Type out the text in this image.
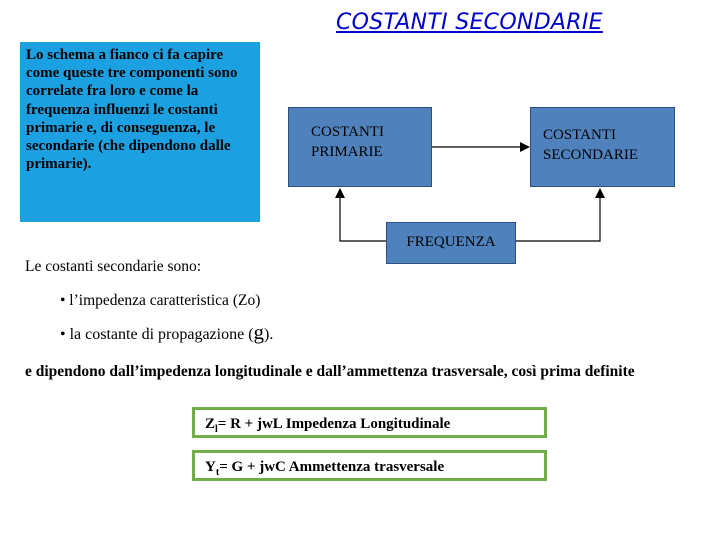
COSTANTI SECONDARIE
Lo schema a fianco ci fa capire come queste tre componenti sono correlate fra loro e come la frequenza influenzi le costanti primarie e, di conseguenza, le secondarie (che dipendono dalle primarie).
COSTANTI PRIMARIE
COSTANTI SECONDARIE
FREQUENZA
Le costanti secondarie sono:
• l’impedenza caratteristica (Zo)
• la costante di propagazione (g).
e dipendono dall’impedenza longitudinale e dall’ammettenza trasversale, così prima definite
$Z_l= R$ + jwL Impedenza Longitudinale
$Y_t= G$ + jwC Ammettenza trasversale
